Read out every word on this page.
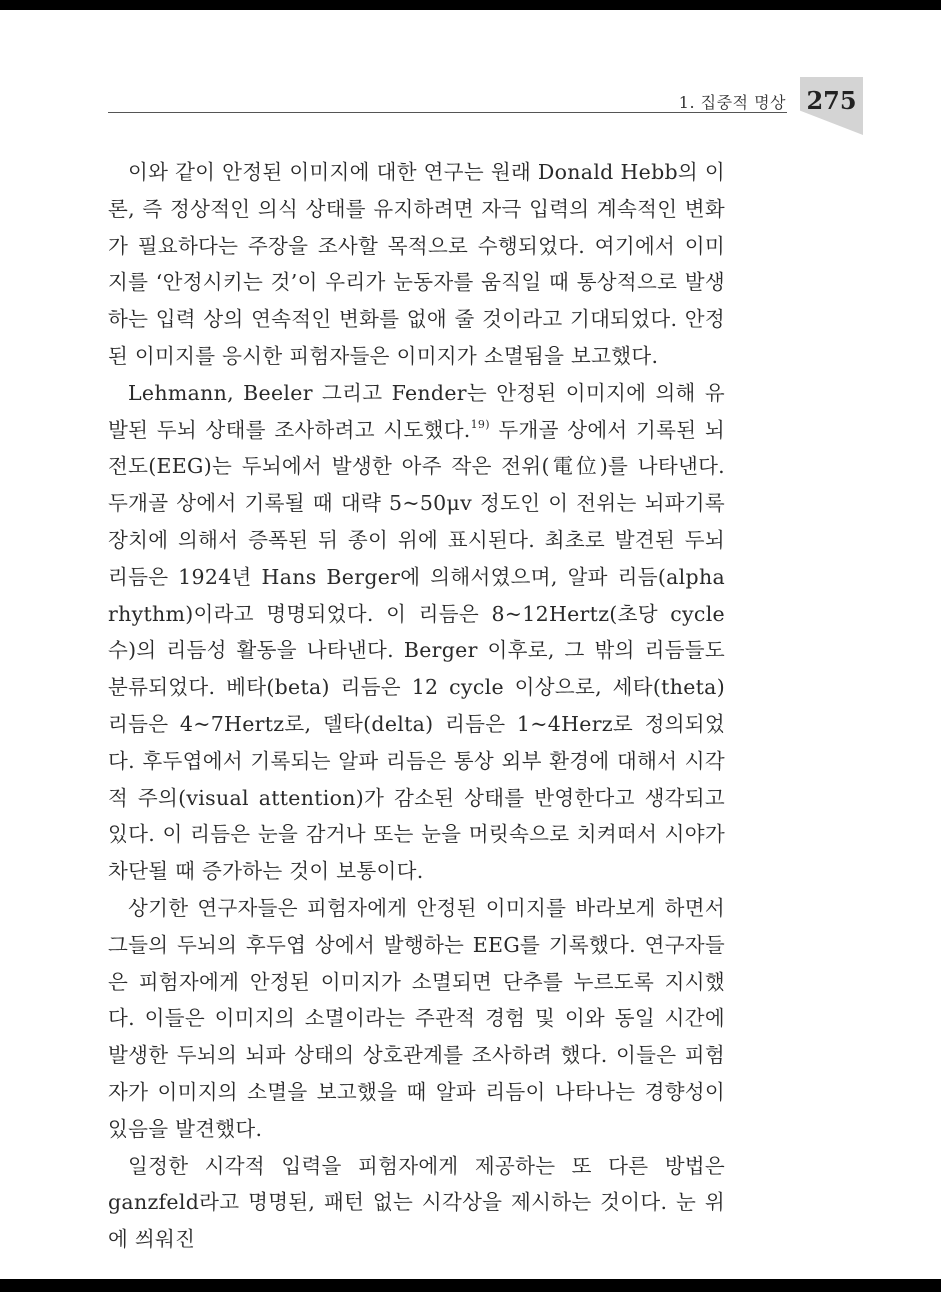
1. 집중적 명상 275

이와 같이 안정된 이미지에 대한 연구는 원래 Donald Hebb의 이론, 즉 정상적인 의식 상태를 유지하려면 자극 입력의 계속적인 변화가 필요하다는 주장을 조사할 목적으로 수행되었다. 여기에서 이미지를 ‘안정시키는 것’이 우리가 눈동자를 움직일 때 통상적으로 발생하는 입력 상의 연속적인 변화를 없애 줄 것이라고 기대되었다. 안정된 이미지를 응시한 피험자들은 이미지가 소멸됨을 보고했다.

Lehmann, Beeler 그리고 Fender는 안정된 이미지에 의해 유발된 두뇌 상태를 조사하려고 시도했다.$^{19)}$ 두개골 상에서 기록된 뇌전도(EEG)는 두뇌에서 발생한 아주 작은 전위(電位)를 나타낸다. 두개골 상에서 기록될 때 대략 5~50μv 정도인 이 전위는 뇌파기록장치에 의해서 증폭된 뒤 종이 위에 표시된다. 최초로 발견된 두뇌 리듬은 1924년 Hans Berger에 의해서였으며, 알파 리듬(alpha rhythm)이라고 명명되었다. 이 리듬은 8~12Hertz(초당 cycle 수)의 리듬성 활동을 나타낸다. Berger 이후로, 그 밖의 리듬들도 분류되었다. 베타(beta) 리듬은 12 cycle 이상으로, 세타(theta) 리듬은 4~7Hertz로, 델타(delta) 리듬은 1~4Herz로 정의되었다. 후두엽에서 기록되는 알파 리듬은 통상 외부 환경에 대해서 시각적 주의(visual attention)가 감소된 상태를 반영한다고 생각되고 있다. 이 리듬은 눈을 감거나 또는 눈을 머릿속으로 치켜떠서 시야가 차단될 때 증가하는 것이 보통이다.

상기한 연구자들은 피험자에게 안정된 이미지를 바라보게 하면서 그들의 두뇌의 후두엽 상에서 발행하는 EEG를 기록했다. 연구자들은 피험자에게 안정된 이미지가 소멸되면 단추를 누르도록 지시했다. 이들은 이미지의 소멸이라는 주관적 경험 및 이와 동일 시간에 발생한 두뇌의 뇌파 상태의 상호관계를 조사하려 했다. 이들은 피험자가 이미지의 소멸을 보고했을 때 알파 리듬이 나타나는 경향성이 있음을 발견했다.

일정한 시각적 입력을 피험자에게 제공하는 또 다른 방법은 ganzfeld라고 명명된, 패턴 없는 시각상을 제시하는 것이다. 눈 위에 씌워진
